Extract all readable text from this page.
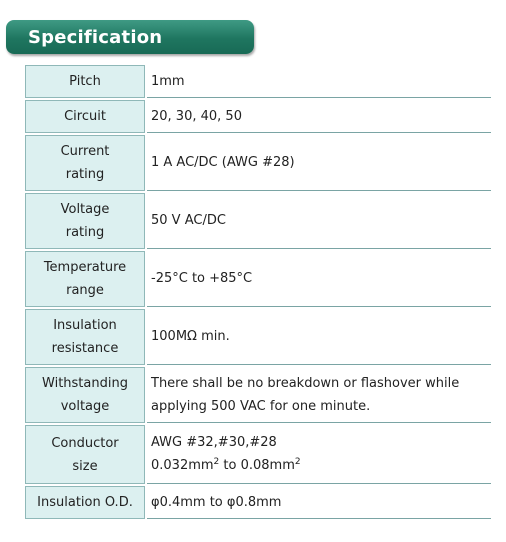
Specification
Pitch	1mm
Circuit	20, 30, 40, 50
Current
rating	1 A AC/DC (AWG #28)
Voltage
rating	50 V AC/DC
Temperature
range	-25°C to +85°C
Insulation
resistance	100MΩ min.
Withstanding
voltage	There shall be no breakdown or flashover while
applying 500 VAC for one minute.
Conductor
size	AWG #32,#30,#28
$0.032mm^2$ to $0.08mm^2$
Insulation O.D.	φ0.4mm to φ0.8mm
